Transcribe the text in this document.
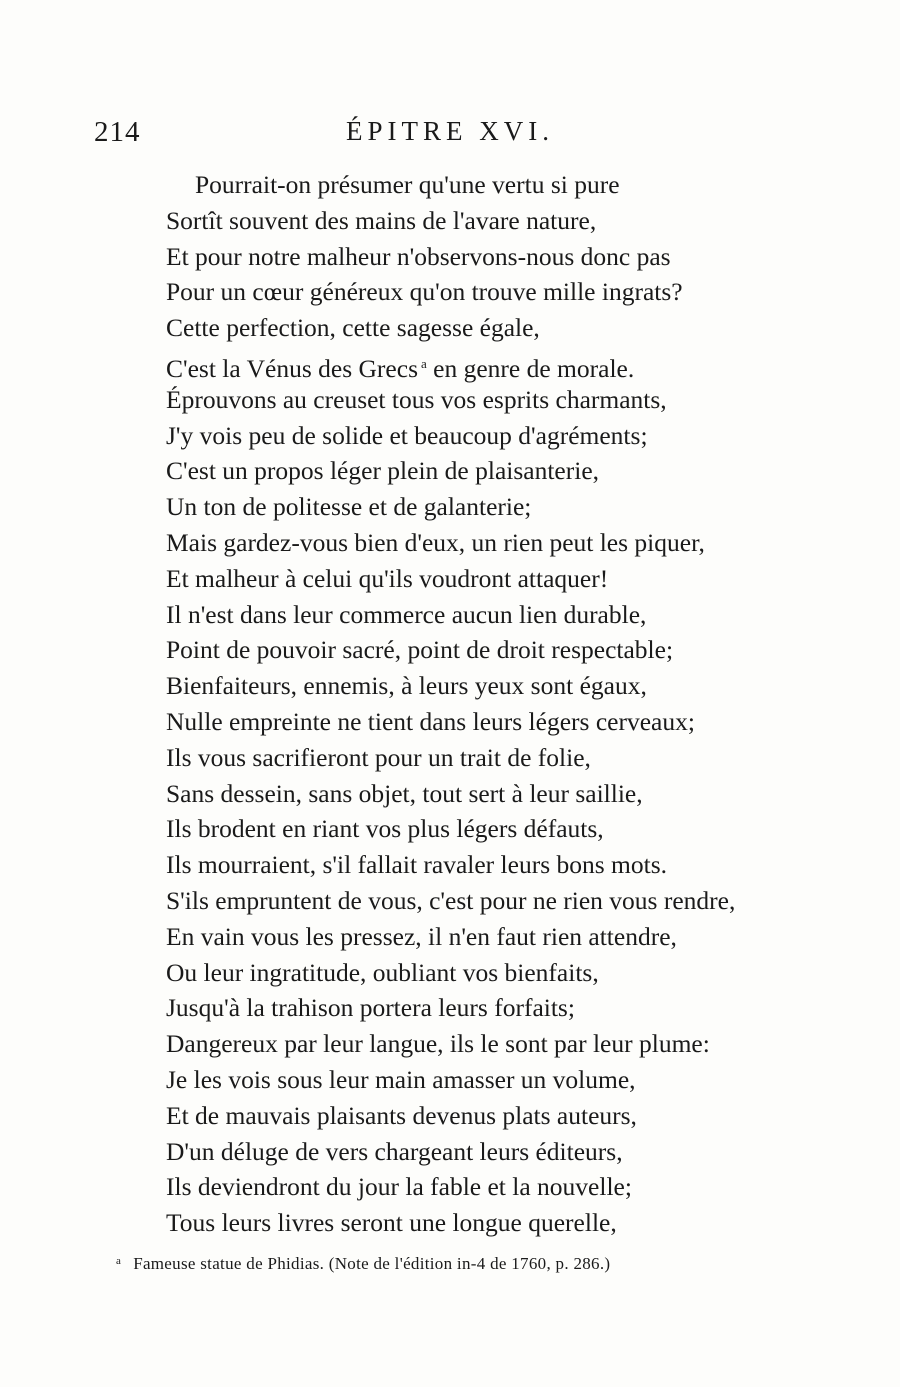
214	ÉPITRE XVI.
Pourrait-on présumer qu'une vertu si pure
Sortît souvent des mains de l'avare nature,
Et pour notre malheur n'observons-nous donc pas
Pour un cœur généreux qu'on trouve mille ingrats?
Cette perfection, cette sagesse égale,
C'est la Vénus des Grecs $^a$ en genre de morale.
Éprouvons au creuset tous vos esprits charmants,
J'y vois peu de solide et beaucoup d'agréments;
C'est un propos léger plein de plaisanterie,
Un ton de politesse et de galanterie;
Mais gardez-vous bien d'eux, un rien peut les piquer,
Et malheur à celui qu'ils voudront attaquer!
Il n'est dans leur commerce aucun lien durable,
Point de pouvoir sacré, point de droit respectable;
Bienfaiteurs, ennemis, à leurs yeux sont égaux,
Nulle empreinte ne tient dans leurs légers cerveaux;
Ils vous sacrifieront pour un trait de folie,
Sans dessein, sans objet, tout sert à leur saillie,
Ils brodent en riant vos plus légers défauts,
Ils mourraient, s'il fallait ravaler leurs bons mots.
S'ils empruntent de vous, c'est pour ne rien vous rendre,
En vain vous les pressez, il n'en faut rien attendre,
Ou leur ingratitude, oubliant vos bienfaits,
Jusqu'à la trahison portera leurs forfaits;
Dangereux par leur langue, ils le sont par leur plume:
Je les vois sous leur main amasser un volume,
Et de mauvais plaisants devenus plats auteurs,
D'un déluge de vers chargeant leurs éditeurs,
Ils deviendront du jour la fable et la nouvelle;
Tous leurs livres seront une longue querelle,
$^a$ Fameuse statue de Phidias. (Note de l'édition in-4 de 1760, p. 286.)
